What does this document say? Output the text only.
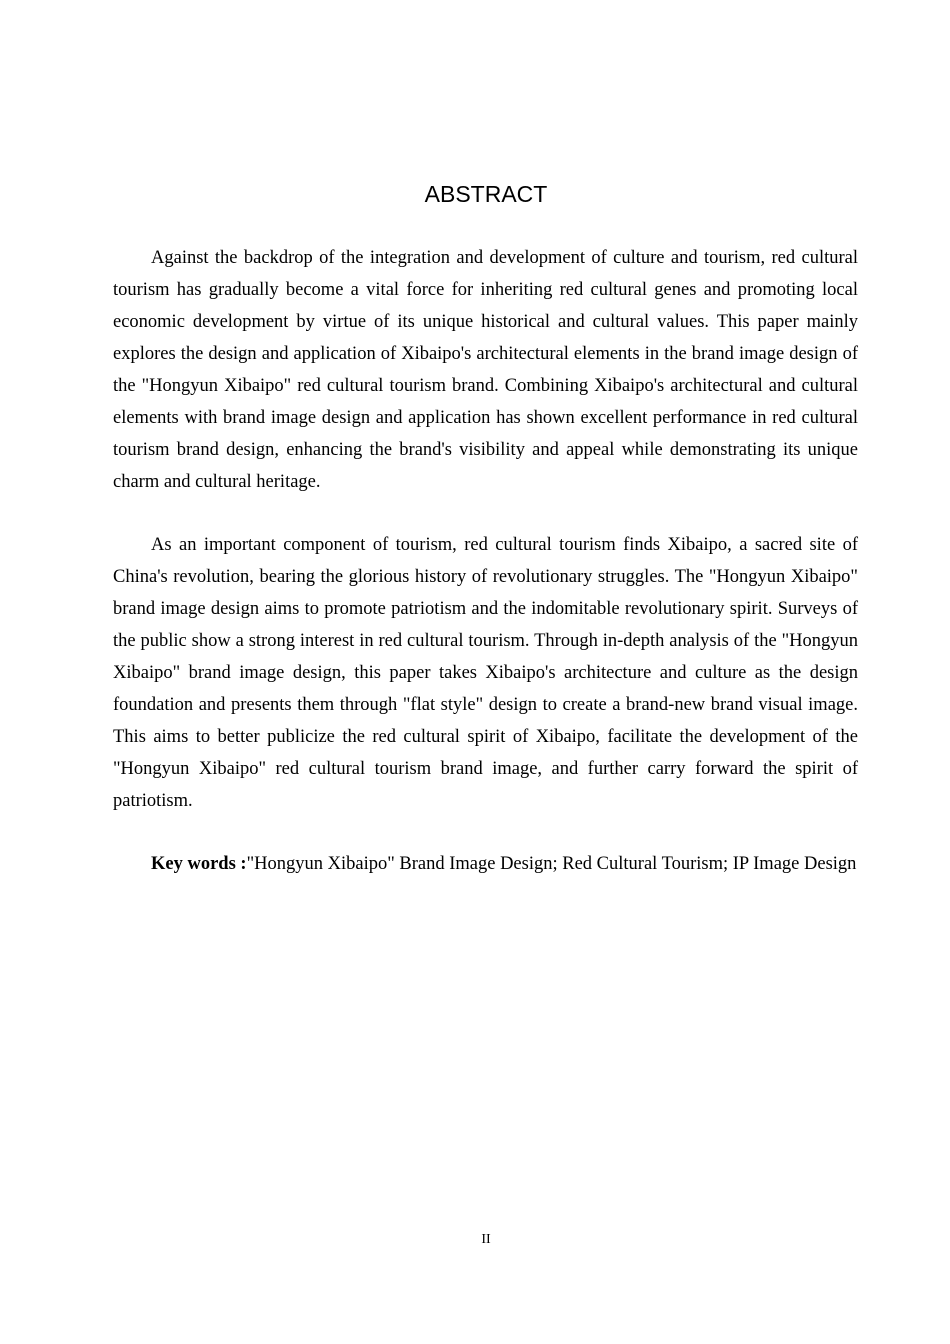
ABSTRACT

Against the backdrop of the integration and development of culture and tourism, red cultural tourism has gradually become a vital force for inheriting red cultural genes and promoting local economic development by virtue of its unique historical and cultural values. This paper mainly explores the design and application of Xibaipo's architectural elements in the brand image design of the "Hongyun Xibaipo" red cultural tourism brand. Combining Xibaipo's architectural and cultural elements with brand image design and application has shown excellent performance in red cultural tourism brand design, enhancing the brand's visibility and appeal while demonstrating its unique charm and cultural heritage.

As an important component of tourism, red cultural tourism finds Xibaipo, a sacred site of China's revolution, bearing the glorious history of revolutionary struggles. The "Hongyun Xibaipo" brand image design aims to promote patriotism and the indomitable revolutionary spirit. Surveys of the public show a strong interest in red cultural tourism. Through in-depth analysis of the "Hongyun Xibaipo" brand image design, this paper takes Xibaipo's architecture and culture as the design foundation and presents them through "flat style" design to create a brand-new brand visual image. This aims to better publicize the red cultural spirit of Xibaipo, facilitate the development of the "Hongyun Xibaipo" red cultural tourism brand image, and further carry forward the spirit of patriotism.

Key words :"Hongyun Xibaipo" Brand Image Design; Red Cultural Tourism; IP Image Design

II
